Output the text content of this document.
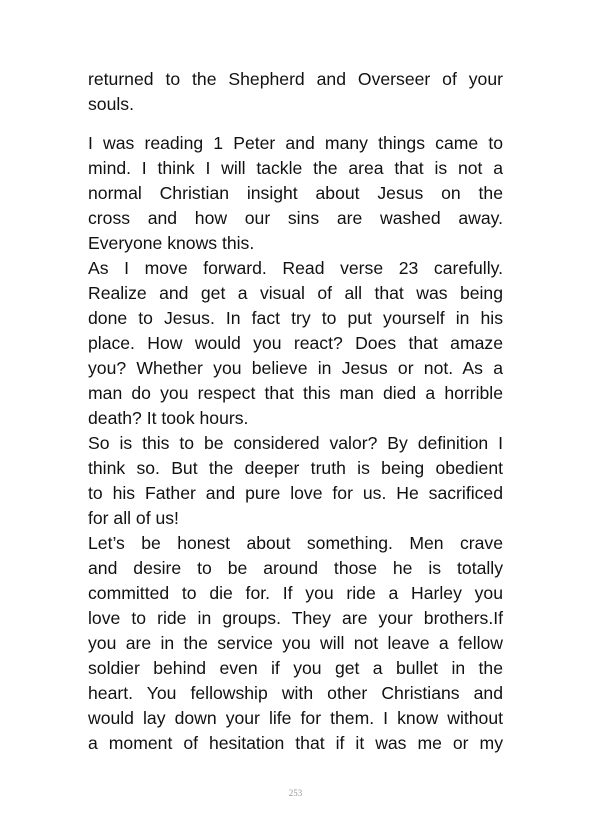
returned to the Shepherd and Overseer of your
souls.
I was reading 1 Peter and many things came to
mind. I think I will tackle the area that is not a
normal Christian insight about Jesus on the
cross and how our sins are washed away.
Everyone knows this.
As I move forward. Read verse 23 carefully.
Realize and get a visual of all that was being
done to Jesus. In fact try to put yourself in his
place. How would you react? Does that amaze
you? Whether you believe in Jesus or not. As a
man do you respect that this man died a horrible
death? It took hours.
So is this to be considered valor? By definition I
think so. But the deeper truth is being obedient
to his Father and pure love for us. He sacrificed
for all of us!
Let’s be honest about something. Men crave
and desire to be around those he is totally
committed to die for. If you ride a Harley you
love to ride in groups. They are your brothers.If
you are in the service you will not leave a fellow
soldier behind even if you get a bullet in the
heart. You fellowship with other Christians and
would lay down your life for them. I know without
a moment of hesitation that if it was me or my
253
